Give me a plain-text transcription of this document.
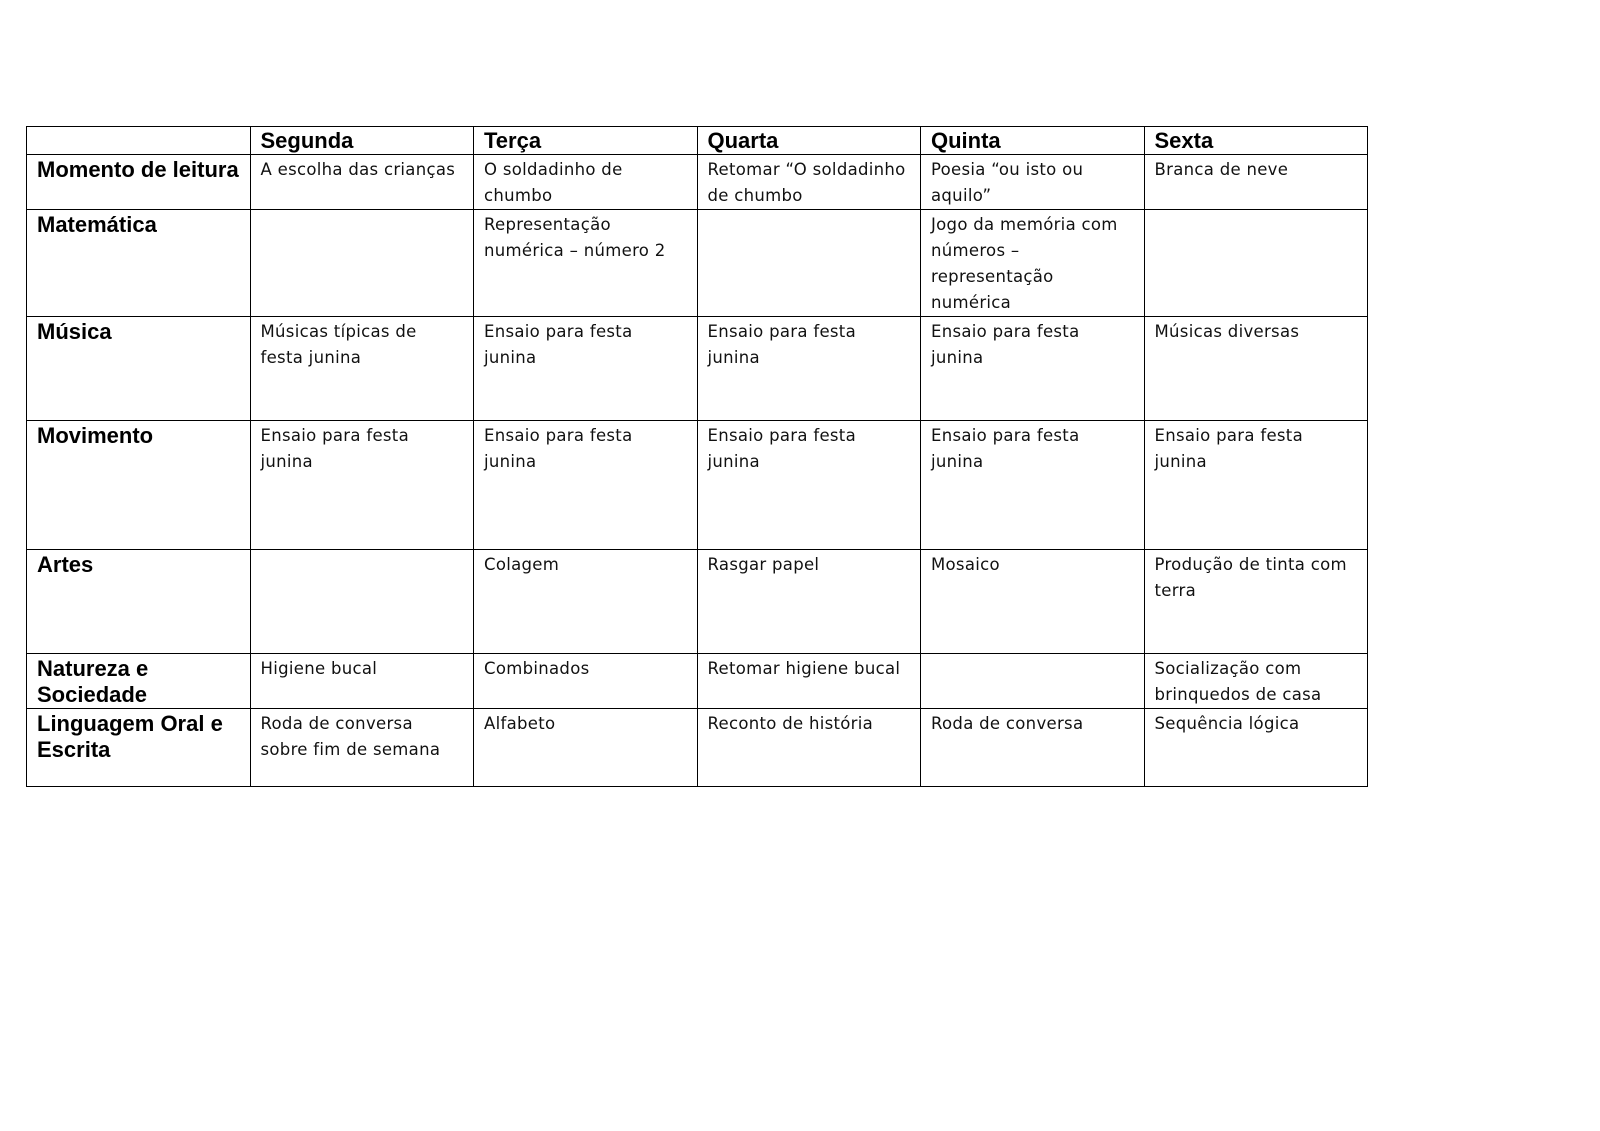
	Segunda	Terça	Quarta	Quinta	Sexta
Momento de leitura	A escolha das crianças	O soldadinho de chumbo	Retomar “O soldadinho de chumbo	Poesia “ou isto ou aquilo”	Branca de neve
Matemática		Representação numérica – número 2		Jogo da memória com números – representação numérica	
Música	Músicas típicas de festa junina	Ensaio para festa junina	Ensaio para festa junina	Ensaio para festa junina	Músicas diversas
Movimento	Ensaio para festa junina	Ensaio para festa junina	Ensaio para festa junina	Ensaio para festa junina	Ensaio para festa junina
Artes		Colagem	Rasgar papel	Mosaico	Produção de tinta com terra
Natureza e Sociedade	Higiene bucal	Combinados	Retomar higiene bucal		Socialização com brinquedos de casa
Linguagem Oral e Escrita	Roda de conversa sobre fim de semana	Alfabeto	Reconto de história	Roda de conversa	Sequência lógica
